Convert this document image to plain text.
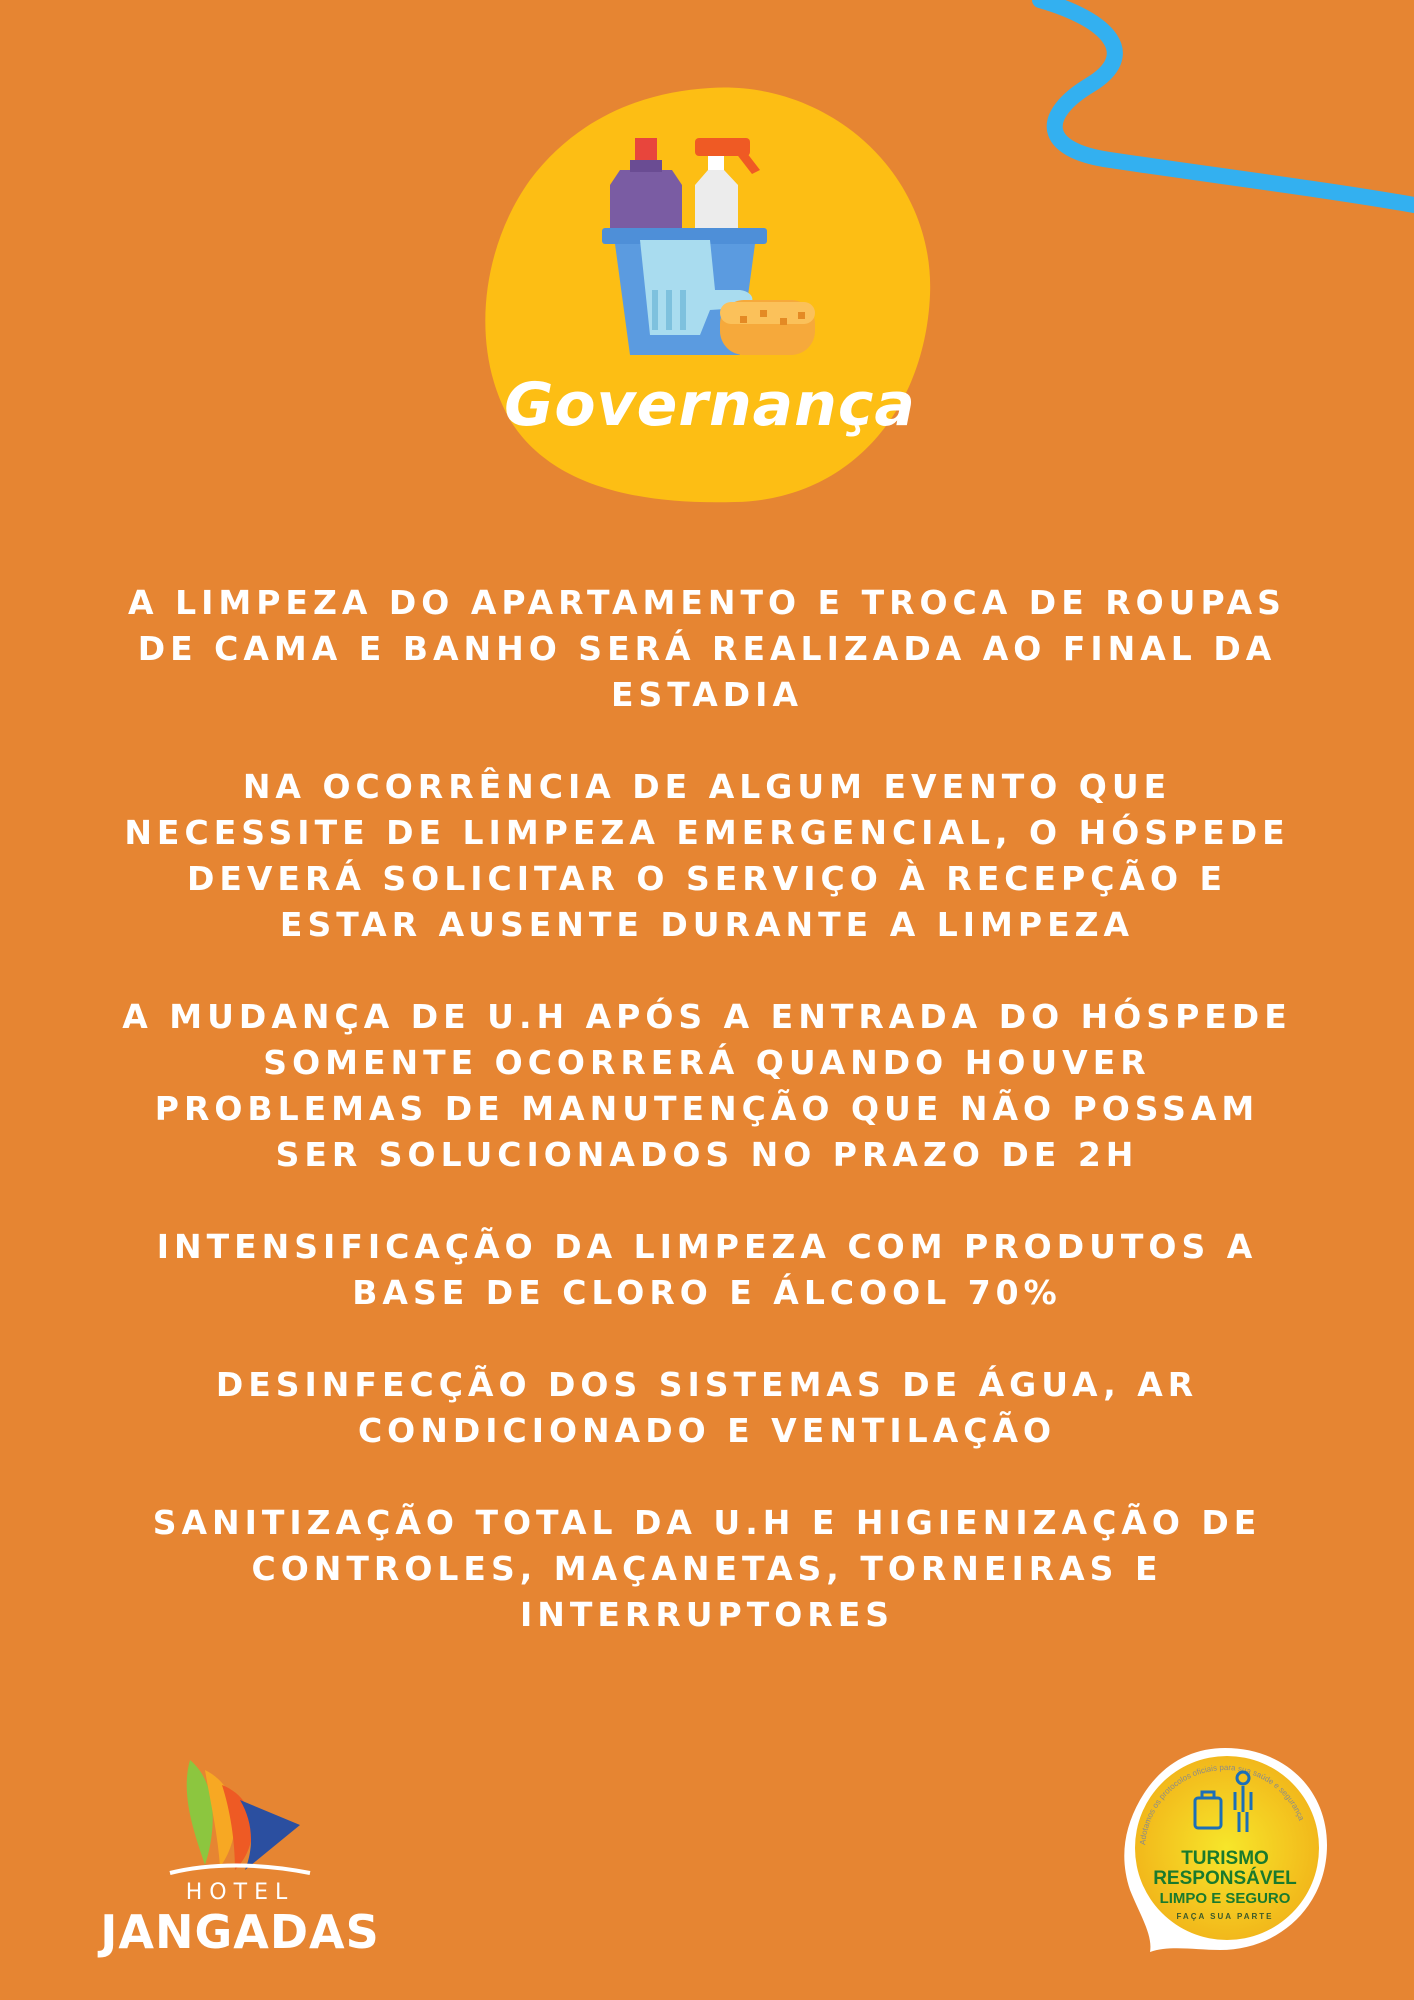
Governança

A LIMPEZA DO APARTAMENTO E TROCA DE ROUPAS DE CAMA E BANHO SERÁ REALIZADA AO FINAL DA ESTADIA

NA OCORRÊNCIA DE ALGUM EVENTO QUE NECESSITE DE LIMPEZA EMERGENCIAL, O HÓSPEDE DEVERÁ SOLICITAR O SERVIÇO À RECEPÇÃO E ESTAR AUSENTE DURANTE A LIMPEZA

A MUDANÇA DE U.H APÓS A ENTRADA DO HÓSPEDE SOMENTE OCORRERÁ QUANDO HOUVER PROBLEMAS DE MANUTENÇÃO QUE NÃO POSSAM SER SOLUCIONADOS NO PRAZO DE 2H

INTENSIFICAÇÃO DA LIMPEZA COM PRODUTOS A BASE DE CLORO E ÁLCOOL 70%

DESINFECÇÃO DOS SISTEMAS DE ÁGUA, AR CONDICIONADO E VENTILAÇÃO

SANITIZAÇÃO TOTAL DA U.H E HIGIENIZAÇÃO DE CONTROLES, MAÇANETAS, TORNEIRAS E INTERRUPTORES

HOTEL
JANGADAS
Adotamos os protocolos oficiais para sua saúde e segurança
TURISMO
RESPONSÁVEL
LIMPO E SEGURO
FAÇA SUA PARTE
